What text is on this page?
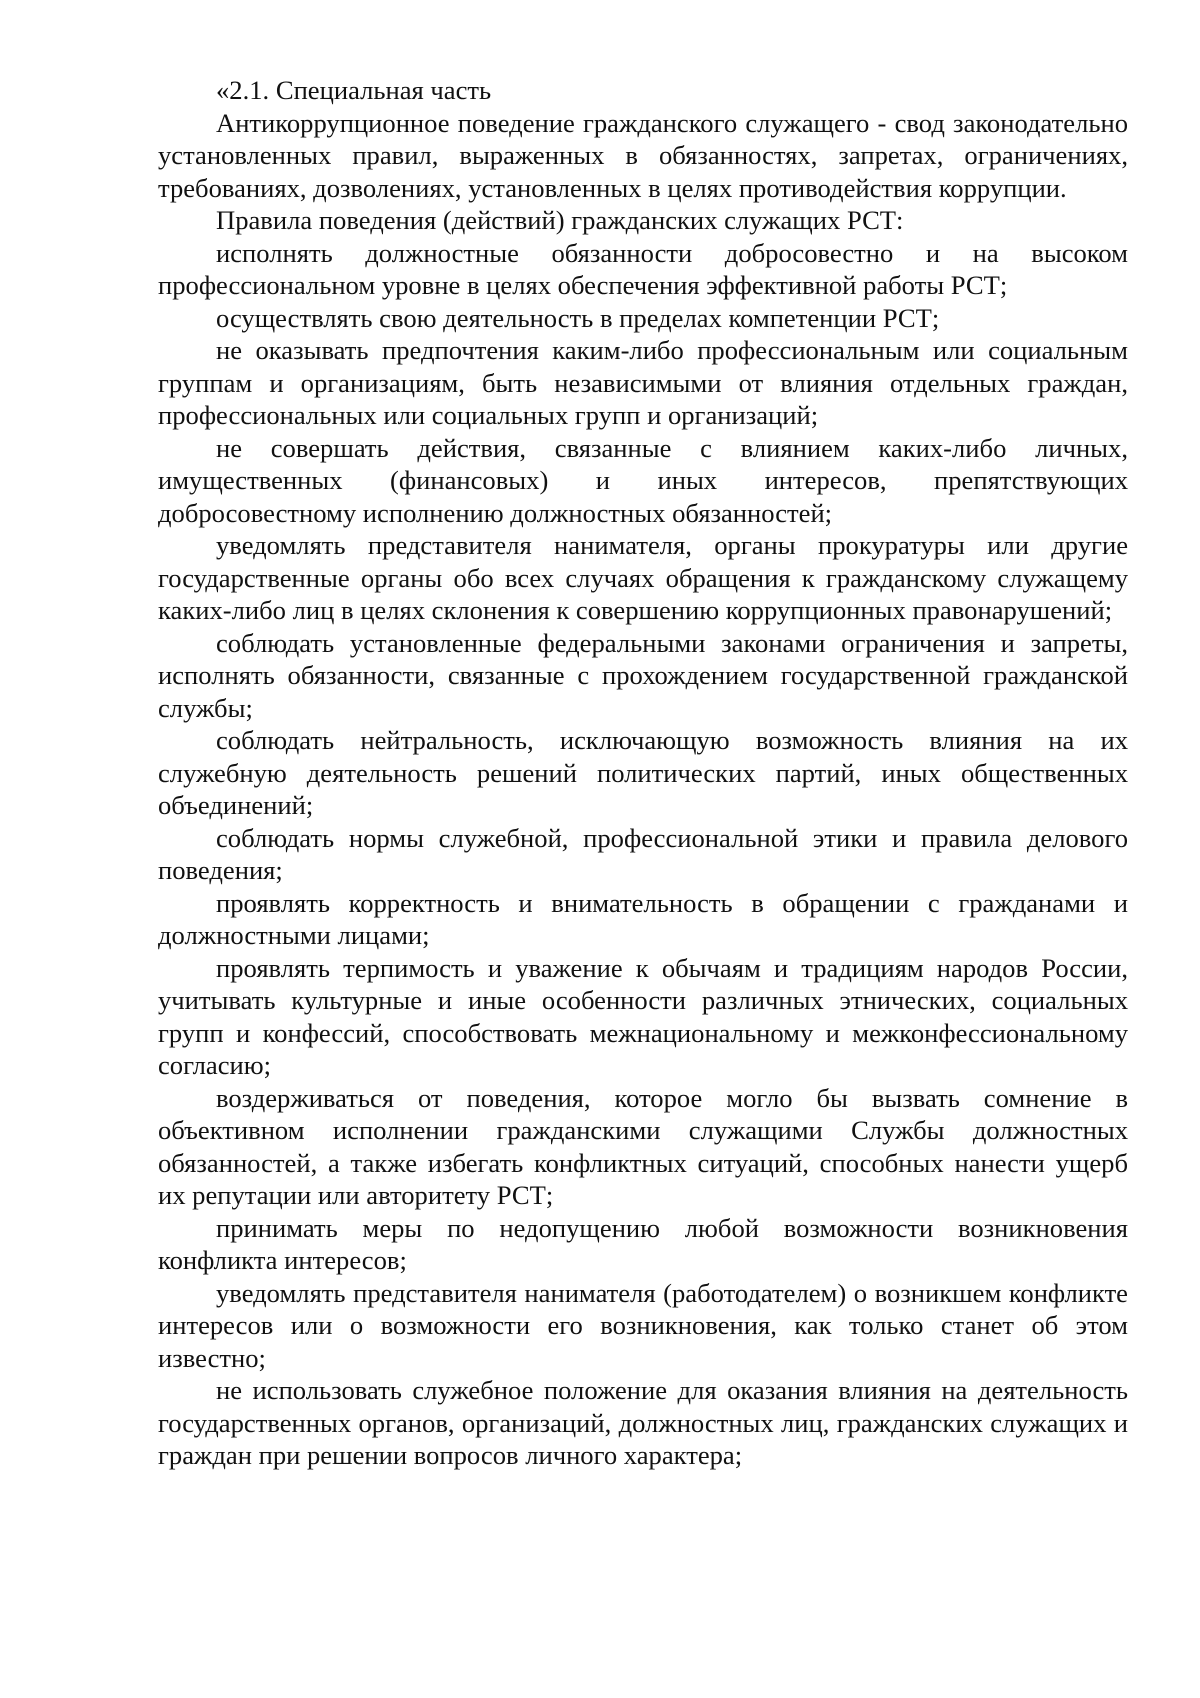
«2.1. Специальная часть

Антикоррупционное поведение гражданского служащего - свод законодательно установленных правил, выраженных в обязанностях, запретах, ограничениях, требованиях, дозволениях, установленных в целях противодействия коррупции.

Правила поведения (действий) гражданских служащих РСТ:

исполнять должностные обязанности добросовестно и на высоком профессиональном уровне в целях обеспечения эффективной работы РСТ;

осуществлять свою деятельность в пределах компетенции РСТ;

не оказывать предпочтения каким-либо профессиональным или социальным группам и организациям, быть независимыми от влияния отдельных граждан, профессиональных или социальных групп и организаций;

не совершать действия, связанные с влиянием каких-либо личных, имущественных (финансовых) и иных интересов, препятствующих добросовестному исполнению должностных обязанностей;

уведомлять представителя нанимателя, органы прокуратуры или другие государственные органы обо всех случаях обращения к гражданскому служащему каких-либо лиц в целях склонения к совершению коррупционных правонарушений;

соблюдать установленные федеральными законами ограничения и запреты, исполнять обязанности, связанные с прохождением государственной гражданской службы;

соблюдать нейтральность, исключающую возможность влияния на их служебную деятельность решений политических партий, иных общественных объединений;

соблюдать нормы служебной, профессиональной этики и правила делового поведения;

проявлять корректность и внимательность в обращении с гражданами и должностными лицами;

проявлять терпимость и уважение к обычаям и традициям народов России, учитывать культурные и иные особенности различных этнических, социальных групп и конфессий, способствовать межнациональному и межконфессиональному согласию;

воздерживаться от поведения, которое могло бы вызвать сомнение в объективном исполнении гражданскими служащими Службы должностных обязанностей, а также избегать конфликтных ситуаций, способных нанести ущерб их репутации или авторитету РСТ;

принимать меры по недопущению любой возможности возникновения конфликта интересов;

уведомлять представителя нанимателя (работодателем) о возникшем конфликте интересов или о возможности его возникновения, как только станет об этом известно;

не использовать служебное положение для оказания влияния на деятельность государственных органов, организаций, должностных лиц, гражданских служащих и граждан при решении вопросов личного характера;
